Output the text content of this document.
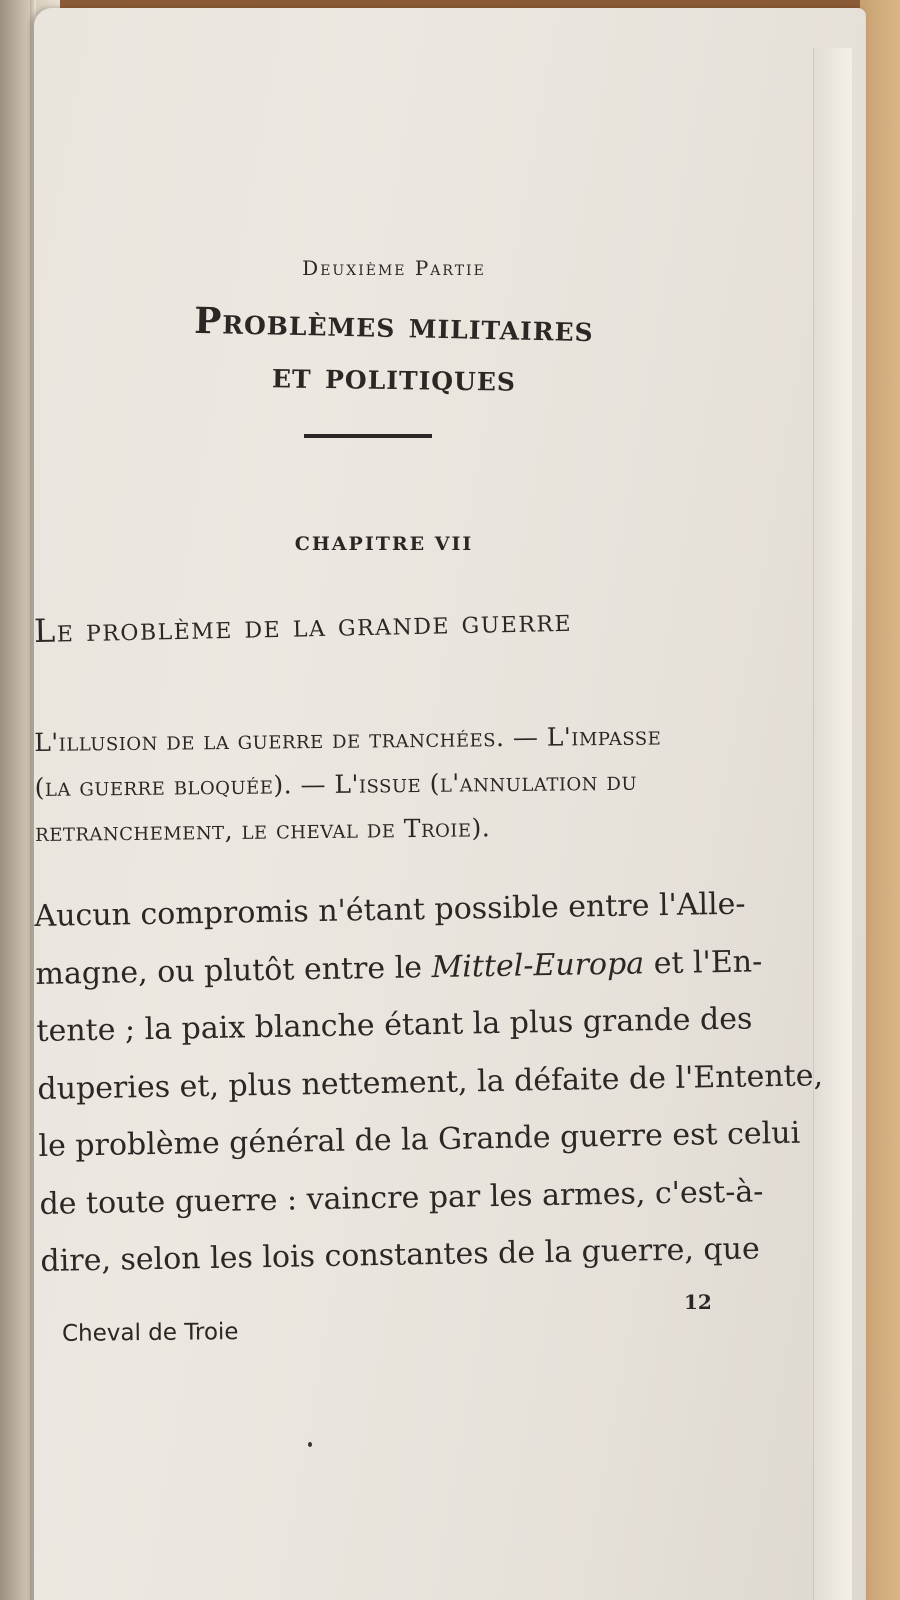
Deuxième Partie
Problèmes militaires
et politiques
CHAPITRE VII
Le problème de la grande guerre
L'illusion de la guerre de tranchées. — L'impasse
(la guerre bloquée). — L'issue (l'annulation du
retranchement, le cheval de Troie).
Aucun compromis n'étant possible entre l'Alle-
magne, ou plutôt entre le Mittel-Europa et l'En-
tente ; la paix blanche étant la plus grande des
duperies et, plus nettement, la défaite de l'Entente,
le problème général de la Grande guerre est celui
de toute guerre : vaincre par les armes, c'est-à-
dire, selon les lois constantes de la guerre, que
12
Cheval de Troie
